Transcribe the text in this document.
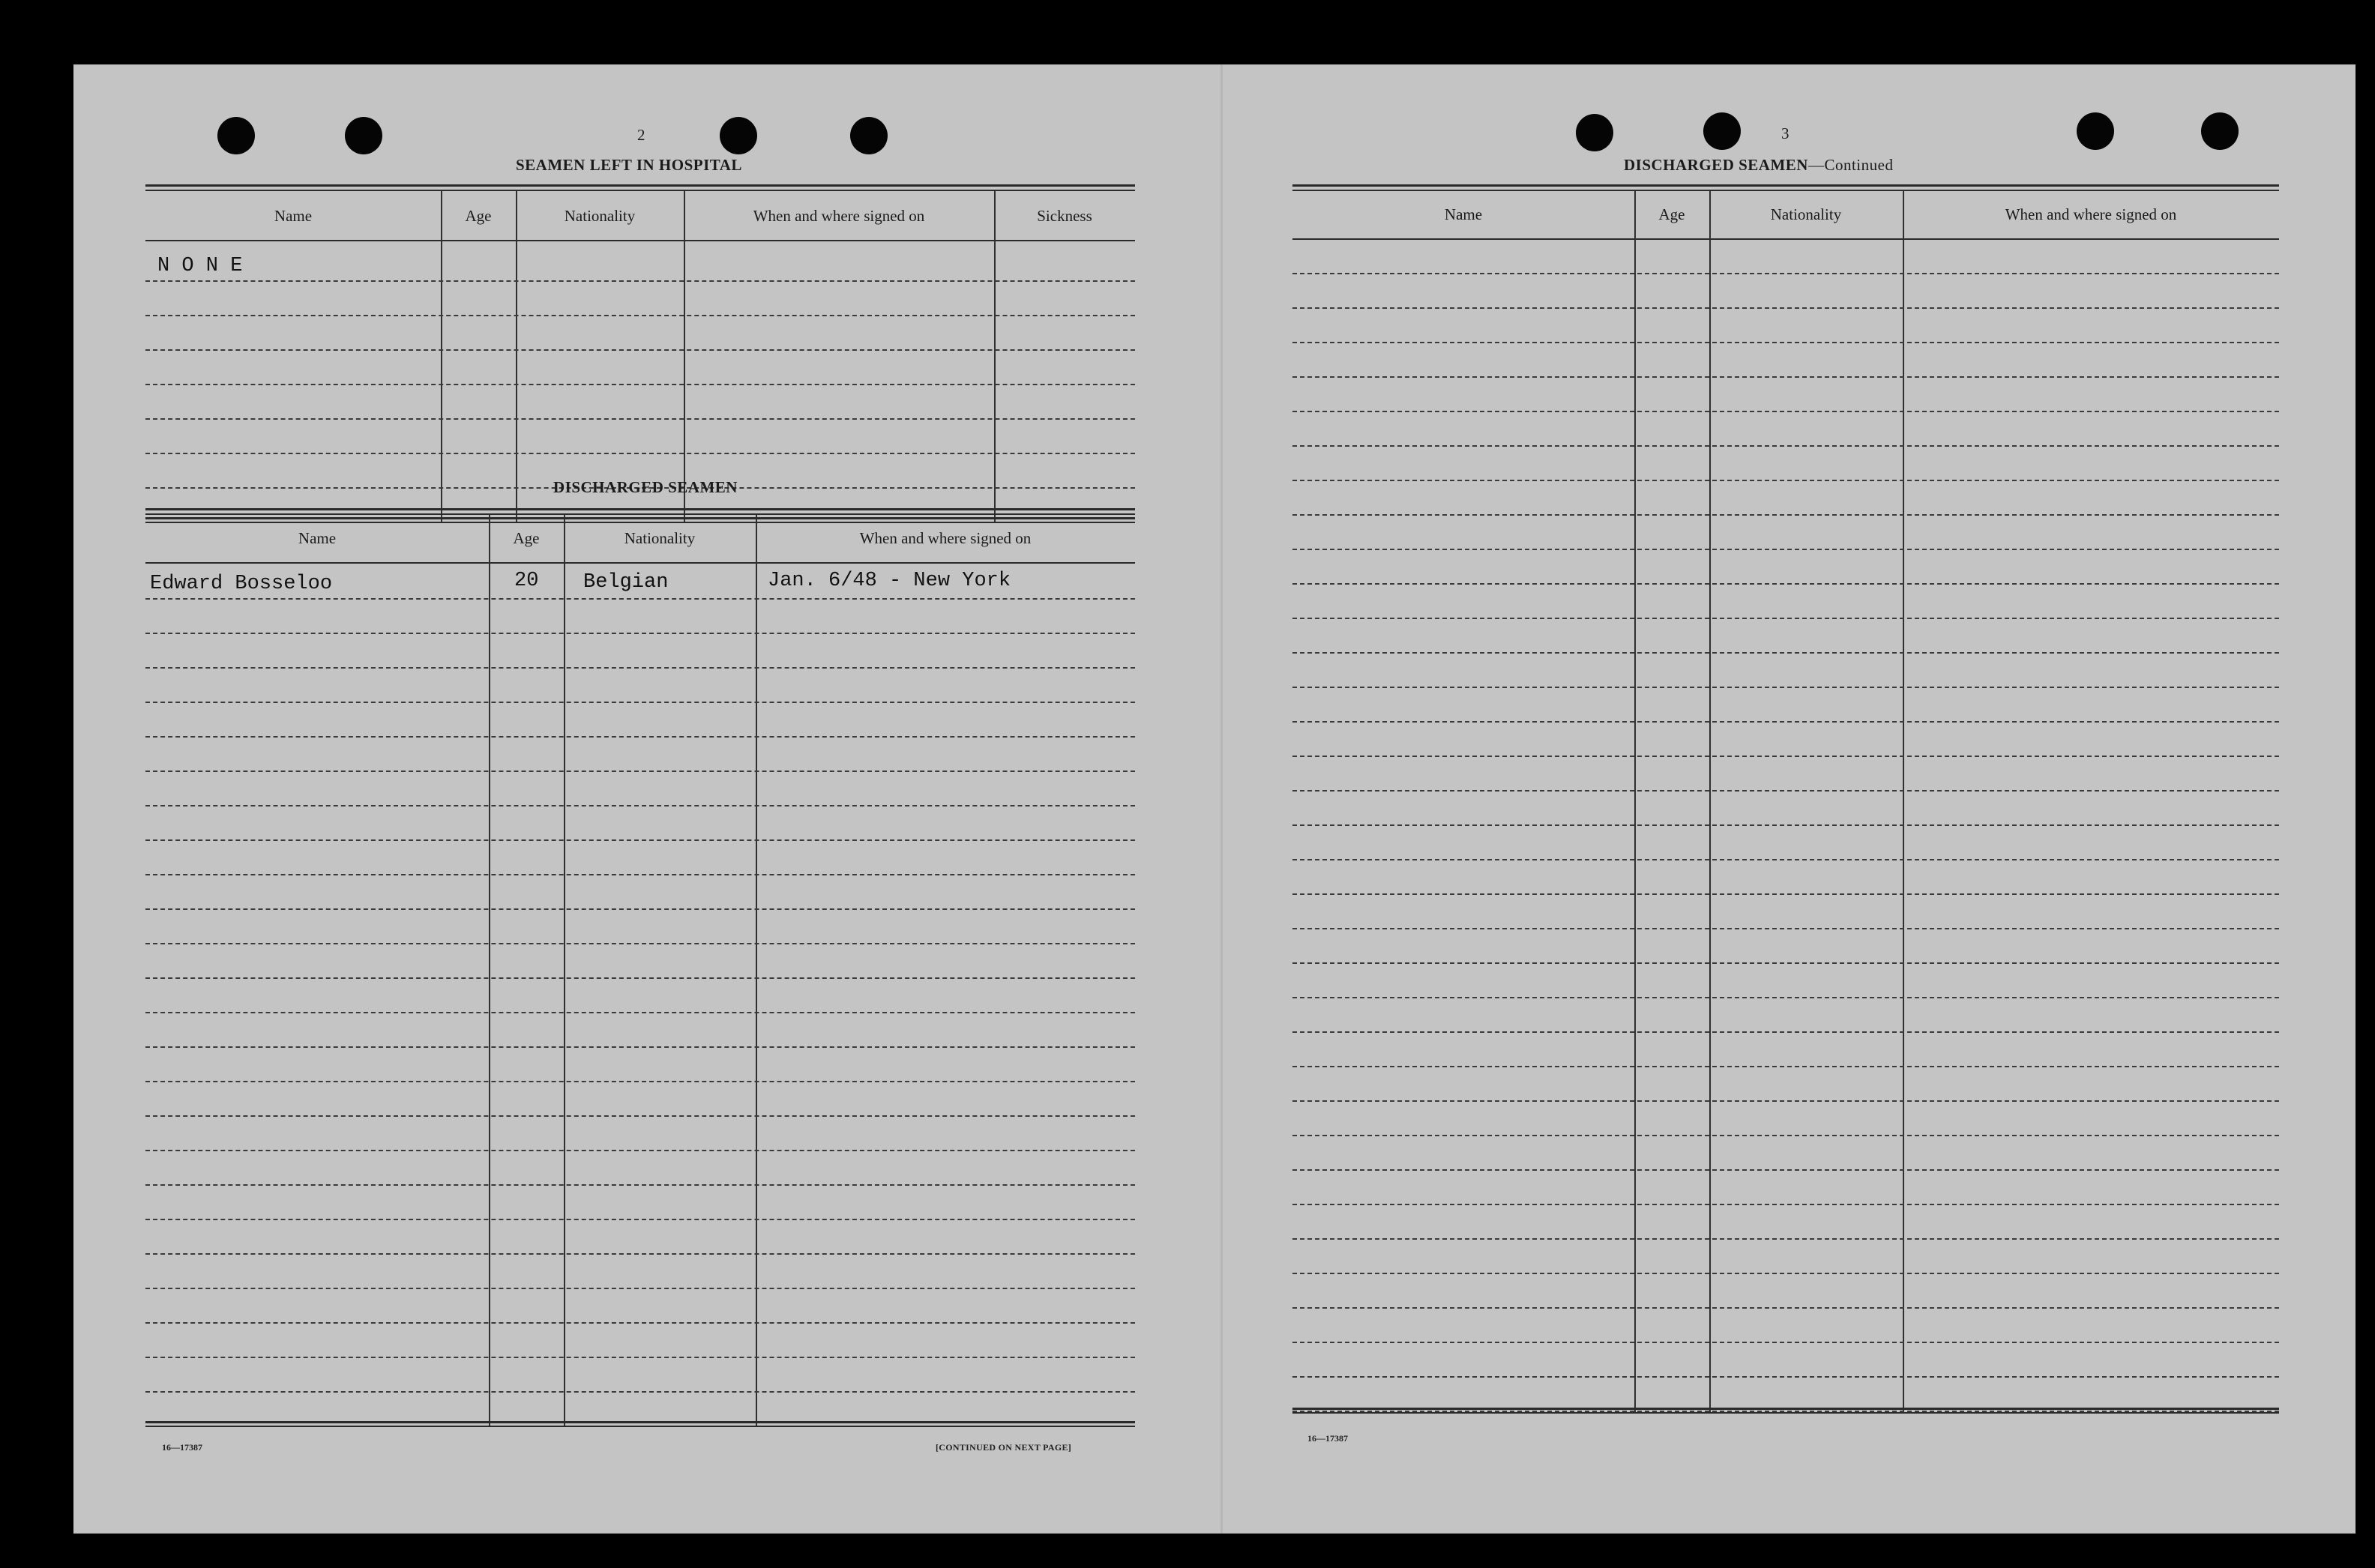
2
SEAMEN LEFT IN HOSPITAL
Name	Age	Nationality	When and where signed on	Sickness
N O N E
DISCHARGED SEAMEN
Name	Age	Nationality	When and where signed on
Edward Bosseloo	20 Belgian	Jan. 6/48 - New York
16—17387	[CONTINUED ON NEXT PAGE]
3
DISCHARGED SEAMEN—Continued
Name	Age	Nationality	When and where signed on
16—17387
